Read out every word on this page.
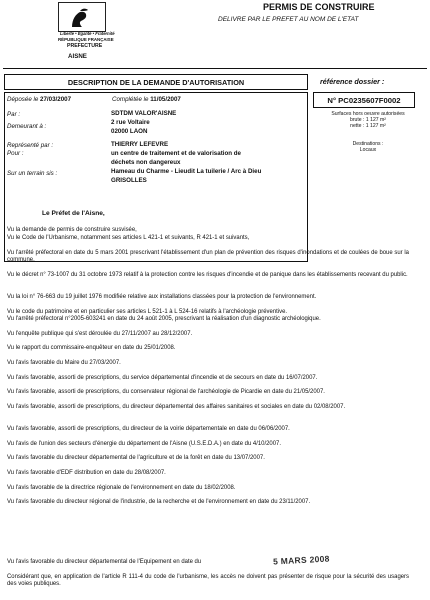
Liberté • Égalité • Fraternité
RÉPUBLIQUE FRANÇAISE
PREFECTURE
AISNE
PERMIS DE CONSTRUIRE
DELIVRE PAR LE PREFET AU NOM DE L'ETAT
DESCRIPTION DE LA DEMANDE D'AUTORISATION	référence dossier :
N° PC0235607F0002
Déposée le 27/03/2007	Complétée le 11/05/2007
Par :	SDTDM VALOR'AISNE
Demeurant à :
2 rue Voltaire
02000 LAON
Représenté par :	THIERRY LEFEVRE
Pour :	un centre de traitement et de valorisation de
déchets non dangereux
Sur un terrain sis :	Hameau du Charme - Lieudit La tuilerie / Arc à Dieu
GRISOLLES
Surfaces hors oeuvre autorisées
brute : 1 127 m²
nette : 1 127 m²
Destinations :
Locaux
Le Préfet de l'Aisne,
Vu la demande de permis de construire susvisée,
Vu le Code de l'Urbanisme, notamment ses articles L 421-1 et suivants, R 421-1 et suivants,
Vu l'arrêté préfectoral en date du 5 mars 2001 prescrivant l'établissement d'un plan de prévention des risques d'inondations et de coulées de boue sur la commune.
Vu le décret n° 73-1007 du 31 octobre 1973 relatif à la protection contre les risques d'incendie et de panique dans les établissements recevant du public.
Vu la loi n° 76-663 du 19 juillet 1976 modifiée relative aux installations classées pour la protection de l'environnement.
Vu le code du patrimoine et en particulier ses articles L 521-1 à L 524-16 relatifs à l'archéologie préventive.
Vu l'arrêté préfectoral n°2005-603241 en date du 24 août 2005, prescrivant la réalisation d'un diagnostic archéologique.
Vu l'enquête publique qui s'est déroulée du 27/11/2007 au 28/12/2007.
Vu le rapport du commissaire-enquêteur en date du 25/01/2008.
Vu l'avis favorable du Maire du 27/03/2007.
Vu l'avis favorable, assorti de prescriptions, du service départemental d'incendie et de secours en date du 16/07/2007.
Vu l'avis favorable, assorti de prescriptions, du conservateur régional de l'archéologie de Picardie en date du 21/05/2007.
Vu l'avis favorable, assorti de prescriptions, du directeur départemental des affaires sanitaires et sociales en date du 02/08/2007.
Vu l'avis favorable, assorti de prescriptions, du directeur de la voirie départementale en date du 06/06/2007.
Vu l'avis de l'union des secteurs d'énergie du département de l'Aisne (U.S.E.D.A.) en date du 4/10/2007.
Vu l'avis favorable du directeur départemental de l'agriculture et de la forêt en date du 13/07/2007.
Vu l'avis favorable d'EDF distribution en date du 28/08/2007.
Vu l'avis favorable de la directrice régionale de l'environnement en date du 18/02/2008.
Vu l'avis favorable du directeur régional de l'industrie, de la recherche et de l'environnement en date du 23/11/2007.
Vu l'avis favorable du directeur départemental de l'Equipement en date du	5 MARS 2008
Considérant que, en application de l'article R 111-4 du code de l'urbanisme, les accès ne doivent pas présenter de risque pour la sécurité des usagers des voies publiques.
